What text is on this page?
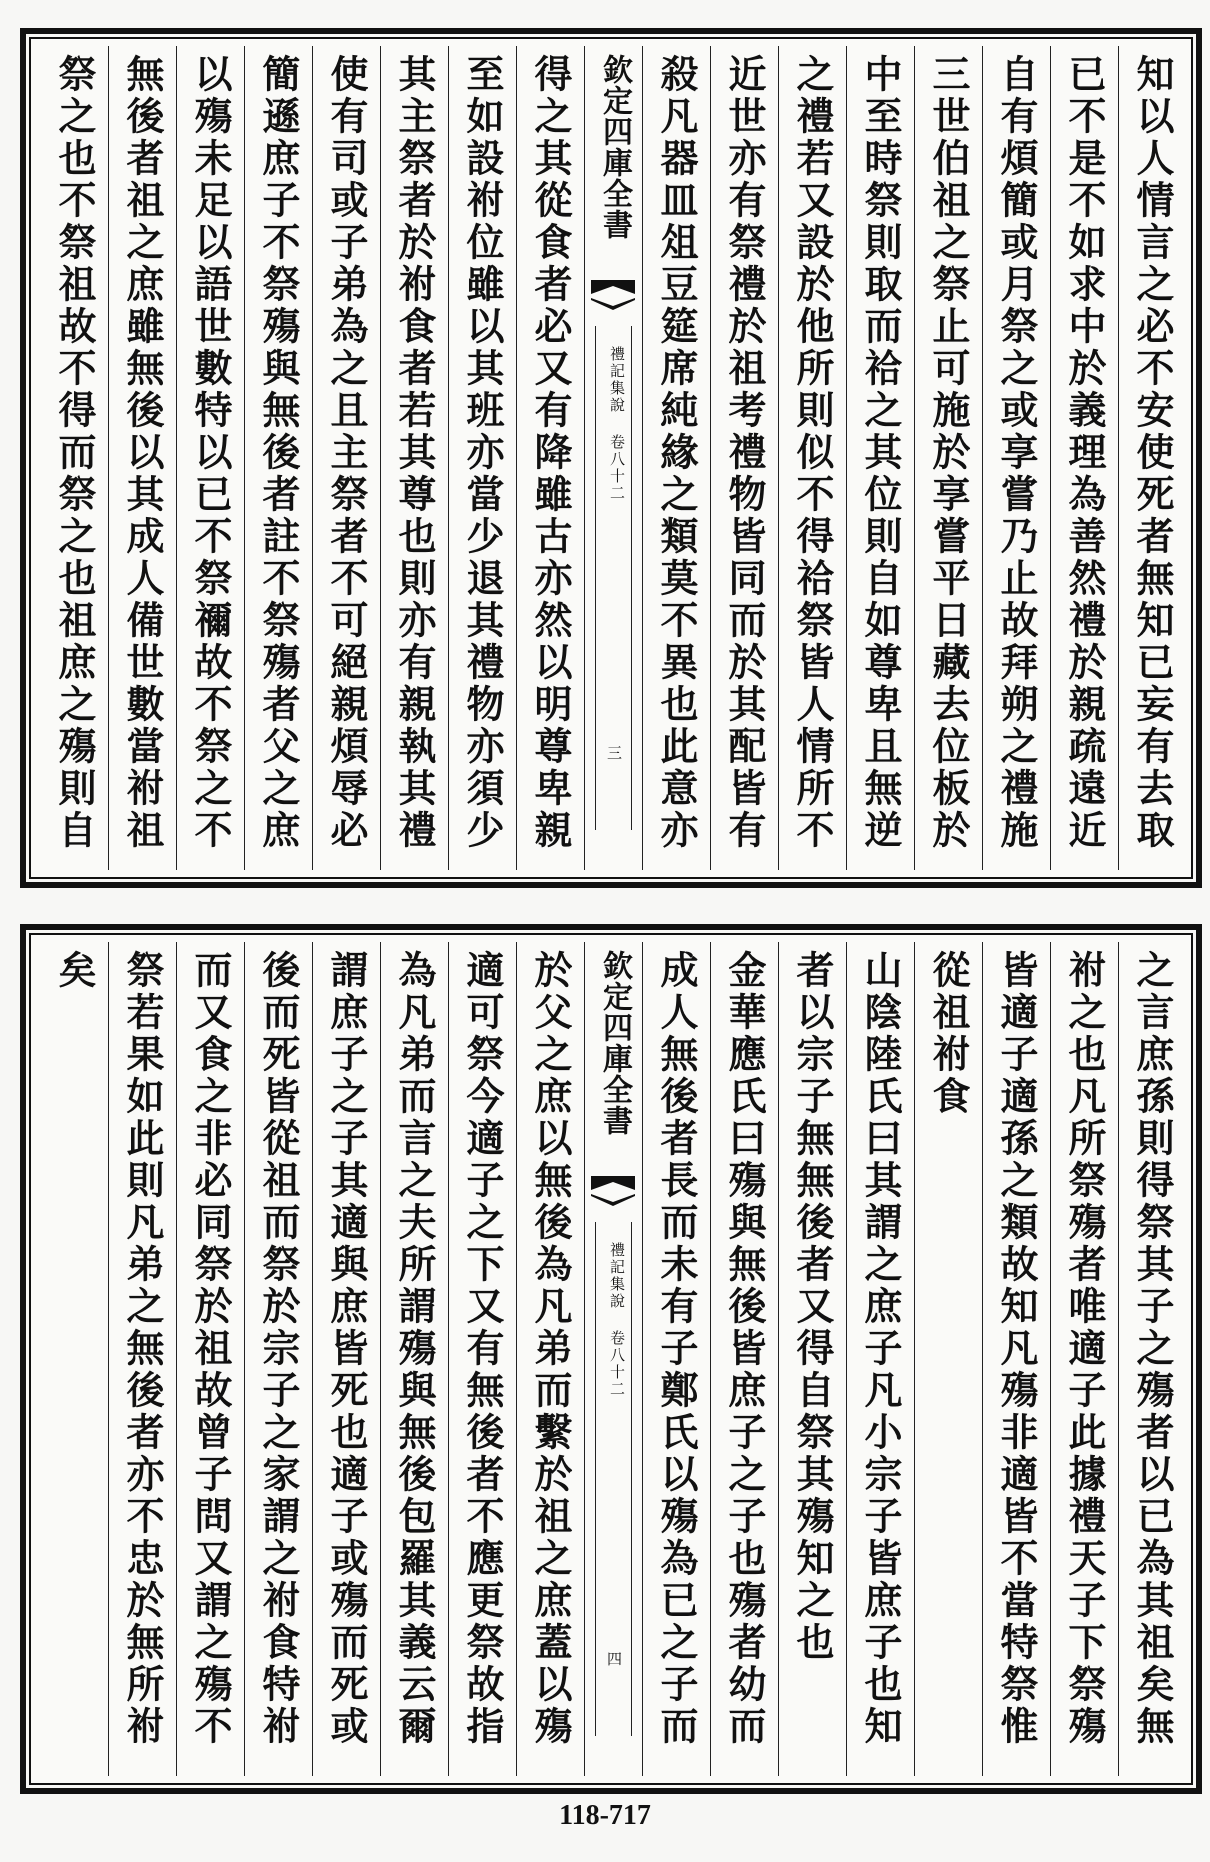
知以人情言之必不安使死者無知已妄有去取
已不是不如求中於義理為善然禮於親疏遠近
自有煩簡或月祭之或享嘗乃止故拜朔之禮施
三世伯祖之祭止可施於享嘗平日藏去位板於
中至時祭則取而祫之其位則自如尊卑且無逆
之禮若又設於他所則似不得祫祭皆人情所不
近世亦有祭禮於祖考禮物皆同而於其配皆有
殺凡器皿俎豆筵席純緣之類莫不異也此意亦
欽定四庫全書
禮記集說 卷八十二
三
得之其從食者必又有降雖古亦然以明尊卑親
至如設祔位雖以其班亦當少退其禮物亦須少
其主祭者於祔食者若其尊也則亦有親執其禮
使有司或子弟為之且主祭者不可絕親煩辱必
簡遜庶子不祭殤與無後者註不祭殤者父之庶
以殤未足以語世數特以已不祭禰故不祭之不
無後者祖之庶雖無後以其成人備世數當祔祖
祭之也不祭祖故不得而祭之也祖庶之殤則自
之言庶孫則得祭其子之殤者以已為其祖矣無
祔之也凡所祭殤者唯適子此據禮天子下祭殤
皆適子適孫之類故知凡殤非適皆不當特祭惟
從祖祔食
山陰陸氏曰其謂之庶子凡小宗子皆庶子也知
者以宗子無無後者又得自祭其殤知之也
金華應氏曰殤與無後皆庶子之子也殤者幼而
成人無後者長而未有子鄭氏以殤為已之子而
欽定四庫全書
禮記集說 卷八十二
四
於父之庶以無後為凡弟而繫於祖之庶蓋以殤
適可祭今適子之下又有無後者不應更祭故指
為凡弟而言之夫所謂殤與無後包羅其義云爾
謂庶子之子其適與庶皆死也適子或殤而死或
後而死皆從祖而祭於宗子之家謂之祔食特祔
而又食之非必同祭於祖故曾子問又謂之殤不
祭若果如此則凡弟之無後者亦不忠於無所祔
矣
118-717
